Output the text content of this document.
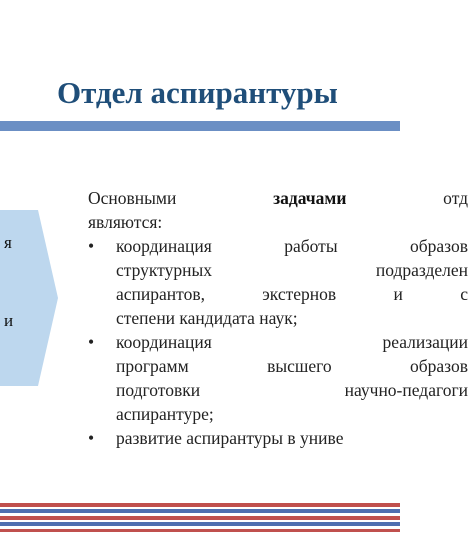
Отдел аспирантуры
я
и

Основными	задачами	отд

являются:

• координация работы образов
структурных подразделен
аспирантов, экстернов и с
степени кандидата наук;
• координация реализации
программ высшего образов
подготовки научно-педагоги
аспирантуре;
• развитие аспирантуры в униве
